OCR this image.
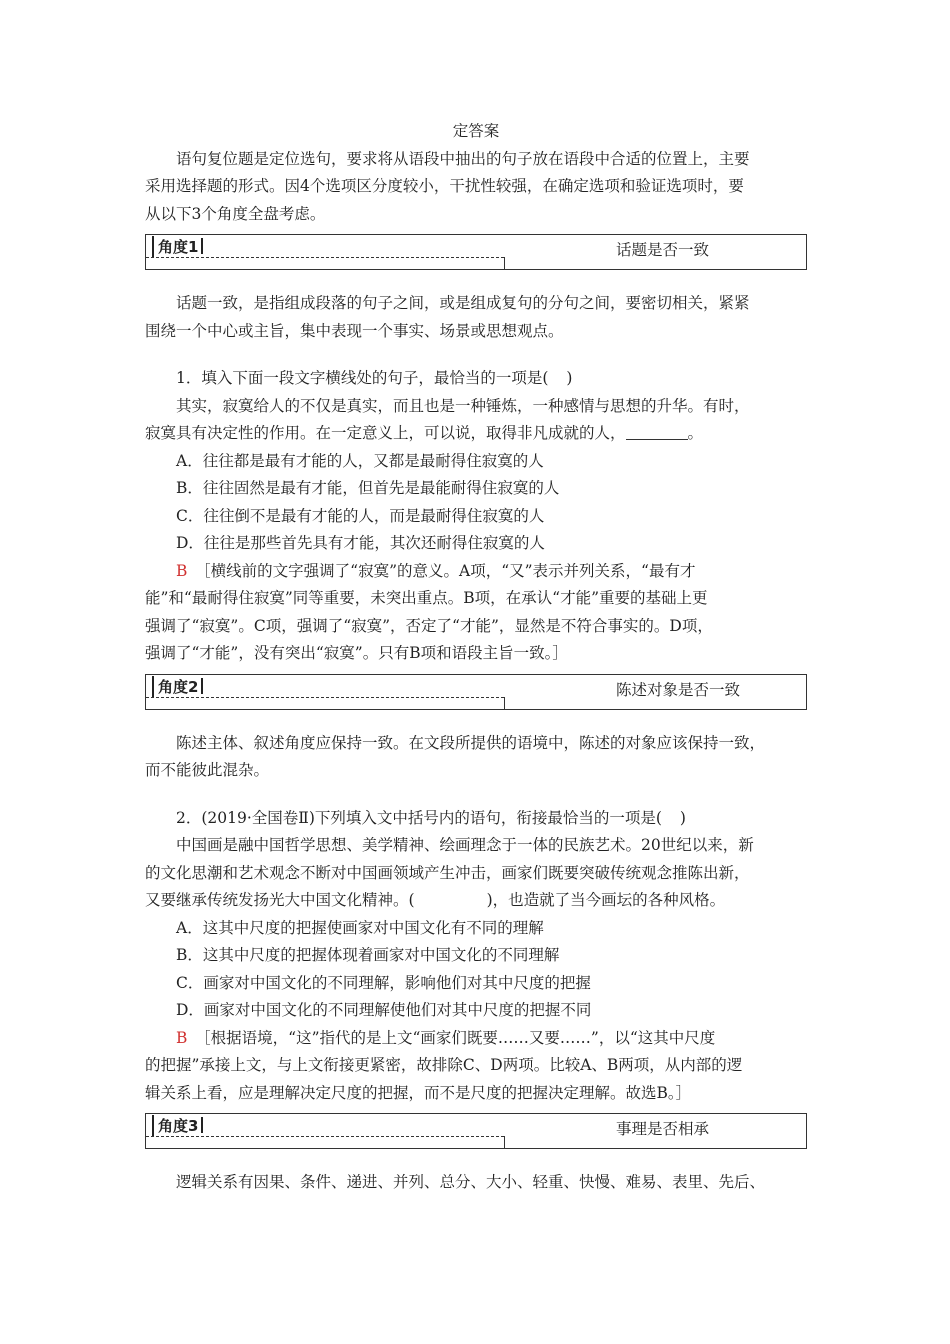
定答案
语句复位题是定位选句，要求将从语段中抽出的句子放在语段中合适的位置上，主要
采用选择题的形式。因4个选项区分度较小，干扰性较强，在确定选项和验证选项时，要
从以下3个角度全盘考虑。
角度1	话题是否一致
话题一致，是指组成段落的句子之间，或是组成复句的分句之间，要密切相关，紧紧
围绕一个中心或主旨，集中表现一个事实、场景或思想观点。
1．填入下面一段文字横线处的句子，最恰当的一项是( )
其实，寂寞给人的不仅是真实，而且也是一种锤炼，一种感情与思想的升华。有时，
寂寞具有决定性的作用。在一定意义上，可以说，取得非凡成就的人，	。
A．往往都是最有才能的人，又都是最耐得住寂寞的人
B．往往固然是最有才能，但首先是最能耐得住寂寞的人
C．往往倒不是最有才能的人，而是最耐得住寂寞的人
D．往往是那些首先具有才能，其次还耐得住寂寞的人
B　 ［横线前的文字强调了“寂寞”的意义。A项，“又”表示并列关系，“最有才
能”和“最耐得住寂寞”同等重要，未突出重点。B项，在承认“才能”重要的基础上更
强调了“寂寞”。C项，强调了“寂寞”，否定了“才能”，显然是不符合事实的。D项，
强调了“才能”，没有突出“寂寞”。只有B项和语段主旨一致。］
角度2	陈述对象是否一致
陈述主体、叙述角度应保持一致。在文段所提供的语境中，陈述的对象应该保持一致，
而不能彼此混杂。
2．(2019·全国卷Ⅱ)下列填入文中括号内的语句，衔接最恰当的一项是( )
中国画是融中国哲学思想、美学精神、绘画理念于一体的民族艺术。20世纪以来，新
的文化思潮和艺术观念不断对中国画领域产生冲击，画家们既要突破传统观念推陈出新，
又要继承传统发扬光大中国文化精神。(	)，也造就了当今画坛的各种风格。
A．这其中尺度的把握使画家对中国文化有不同的理解
B．这其中尺度的把握体现着画家对中国文化的不同理解
C．画家对中国文化的不同理解，影响他们对其中尺度的把握
D．画家对中国文化的不同理解使他们对其中尺度的把握不同
B　 ［根据语境，“这”指代的是上文“画家们既要……又要……”，以“这其中尺度
的把握”承接上文，与上文衔接更紧密，故排除C、D两项。比较A、B两项，从内部的逻
辑关系上看，应是理解决定尺度的把握，而不是尺度的把握决定理解。故选B。］
角度3	事理是否相承
逻辑关系有因果、条件、递进、并列、总分、大小、轻重、快慢、难易、表里、先后、
